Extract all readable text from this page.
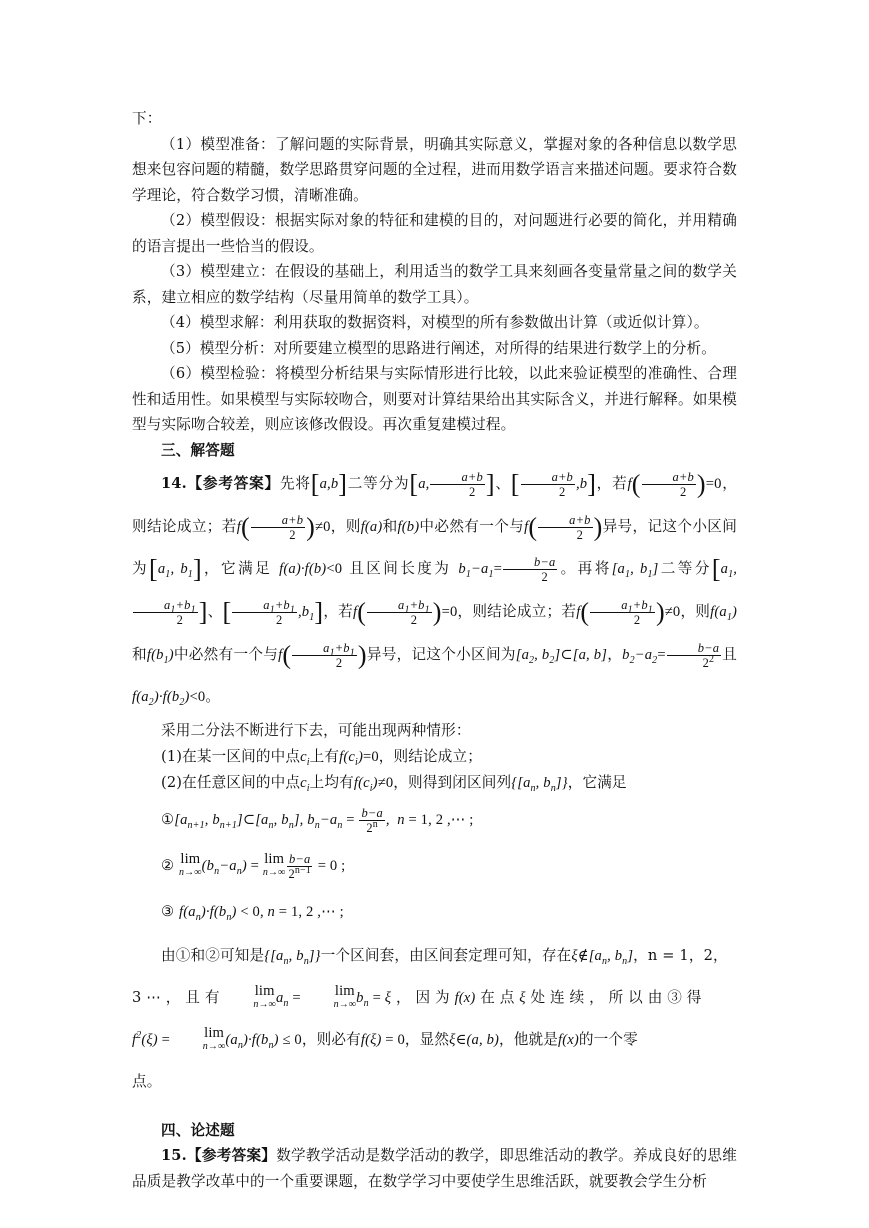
下：

（1）模型准备：了解问题的实际背景，明确其实际意义，掌握对象的各种信息以数学思想来包容问题的精髓，数学思路贯穿问题的全过程，进而用数学语言来描述问题。要求符合数学理论，符合数学习惯，清晰准确。

（2）模型假设：根据实际对象的特征和建模的目的，对问题进行必要的简化，并用精确的语言提出一些恰当的假设。

（3）模型建立：在假设的基础上，利用适当的数学工具来刻画各变量常量之间的数学关系，建立相应的数学结构（尽量用简单的数学工具）。

（4）模型求解：利用获取的数据资料，对模型的所有参数做出计算（或近似计算）。

（5）模型分析：对所要建立模型的思路进行阐述，对所得的结果进行数学上的分析。

（6）模型检验：将模型分析结果与实际情形进行比较，以此来验证模型的准确性、合理性和适用性。如果模型与实际较吻合，则要对计算结果给出其实际含义，并进行解释。如果模型与实际吻合较差，则应该修改假设。再次重复建模过程。

三、解答题

14.【参考答案】先将[a,b]二等分为[a, $\frac{a+b}{2}$ ]、[ $\frac{a+b}{2} ,b$]，若$f( \frac{a+b}{2} )=0$，则结论成立；若$f( \frac{a+b}{2} )\ne 0$，则f(a)和f(b)中必然有一个与$f( \frac{a+b}{2}$ )异号，记这个小区间为[$a_1$, $b_1$]，它满足 f(a)·f(b)<0 且区间长度为 $b_1-a_1= \frac{b-a}{2}$ 。再将[$a_1$, $b_1$]二等分[$a_1$,
$\frac{a_1+b_1}{2}$ ]、[ $\frac{a_1+b_1}{2} ,b_1$]，若$f( \frac{a_1+b_1}{2} )=0$，则结论成立；若$f( \frac{a_1+b_1}{2} )\ne 0$，则$f(a_1)$和$f(b_1)$中必然有一个与$f( \frac{a_1+b_1}{2}$ )异号，记这个小区间为[$a_2$, $b_2]\subset[a$, b]，$b_2-a_2= \frac{b-a}{2^2}$ 且$f(a_2)\cdot f(b_2)<0$。

采用二分法不断进行下去，可能出现两种情形：

(1)在某一区间的中点$c_i$上有$f(c_i)=0$，则结论成立；

(2)在任意区间的中点$c_i$上均有$f(c_i)\ne 0$，则得到闭区间列{[$a_n$, $b_n$]}，它满足

$①[a_{n+1}$, $b_{n+1}]\subset[a_n$, $b_n$], $b_n-a_n = \frac{b-a}{2^n}$ ,  n = 1, 2 ,⋯ ;

② lim
n→∞ $(b_n-a_n) = \lim$
$n\to\infty \frac{b-a}{2^{n-1}} = 0$ ;

③ $f(a_n)\cdot f(b_n) < 0$, n = 1, 2 ,⋯ ;

由①和②可知是{[$a_n$, $b_n$]}一个区间套，由区间套定理可知，存在$\xi\notin[a_n$, $b_n$]，n = 1，2，
3 ⋯ ， 且 有 lim
n→∞ $a_n = \lim$
n→∞ $b_n = \xi$ ， 因 为 f(x) 在 点 ξ 处 连 续 ， 所 以 由 ③ 得
$f^2(\xi) = \lim$
n→∞ $(a_n)\cdot f(b_n) \le 0$，则必有f(ξ) = 0，显然ξ∈(a, b)，他就是f(x)的一个零
点。

四、论述题

15.【参考答案】数学教学活动是数学活动的教学，即思维活动的教学。养成良好的思维品质是教学改革中的一个重要课题，在数学学习中要使学生思维活跃，就要教会学生分析
